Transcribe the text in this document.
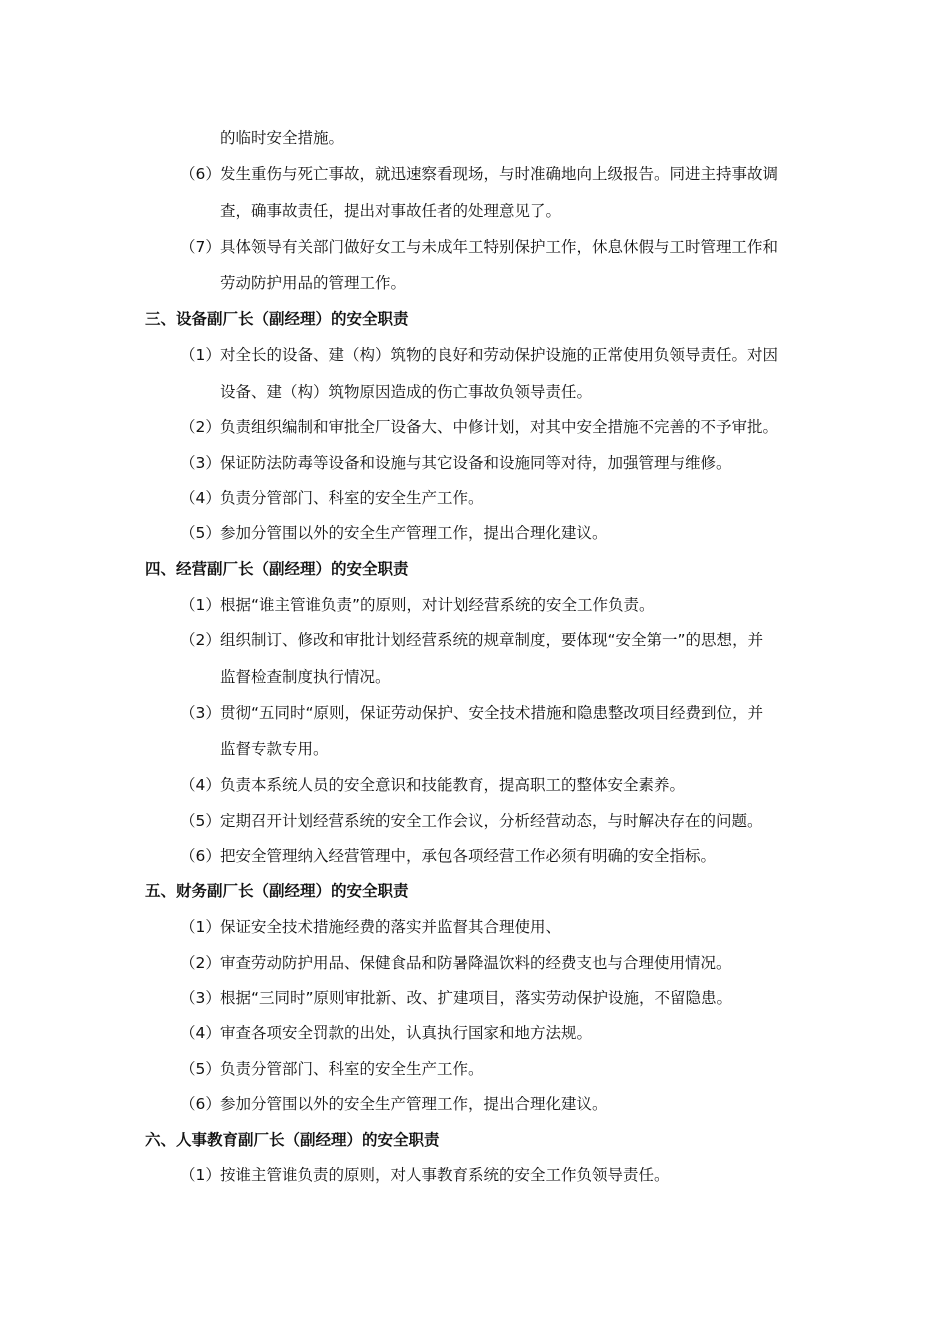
的临时安全措施。
（6） 发生重伤与死亡事故，就迅速察看现场，与时准确地向上级报告。同进主持事故调
查，确事故责任，提出对事故任者的处理意见了。
（7） 具体领导有关部门做好女工与未成年工特别保护工作，休息休假与工时管理工作和
劳动防护用品的管理工作。
三、设备副厂长（副经理）的安全职责
（1） 对全长的设备、建（构）筑物的良好和劳动保护设施的正常使用负领导责任。对因
设备、建（构）筑物原因造成的伤亡事故负领导责任。
（2） 负责组织编制和审批全厂设备大、中修计划，对其中安全措施不完善的不予审批。
（3） 保证防法防毒等设备和设施与其它设备和设施同等对待，加强管理与维修。
（4） 负责分管部门、科室的安全生产工作。
（5） 参加分管围以外的安全生产管理工作，提出合理化建议。
四、经营副厂长（副经理）的安全职责
（1） 根据“谁主管谁负责”的原则，对计划经营系统的安全工作负责。
（2） 组织制订、修改和审批计划经营系统的规章制度，要体现“安全第一”的思想，并
监督检查制度执行情况。
（3） 贯彻“五同时“原则，保证劳动保护、安全技术措施和隐患整改项目经费到位，并
监督专款专用。
（4） 负责本系统人员的安全意识和技能教育，提高职工的整体安全素养。
（5） 定期召开计划经营系统的安全工作会议，分析经营动态，与时解决存在的问题。
（6） 把安全管理纳入经营管理中，承包各项经营工作必须有明确的安全指标。
五、财务副厂长（副经理）的安全职责
（1） 保证安全技术措施经费的落实并监督其合理使用、
（2） 审查劳动防护用品、保健食品和防暑降温饮料的经费支也与合理使用情况。
（3） 根据“三同时”原则审批新、改、扩建项目，落实劳动保护设施，不留隐患。
（4） 审查各项安全罚款的出处，认真执行国家和地方法规。
（5） 负责分管部门、科室的安全生产工作。
（6） 参加分管围以外的安全生产管理工作，提出合理化建议。
六、人事教育副厂长（副经理）的安全职责
（1） 按谁主管谁负责的原则，对人事教育系统的安全工作负领导责任。
